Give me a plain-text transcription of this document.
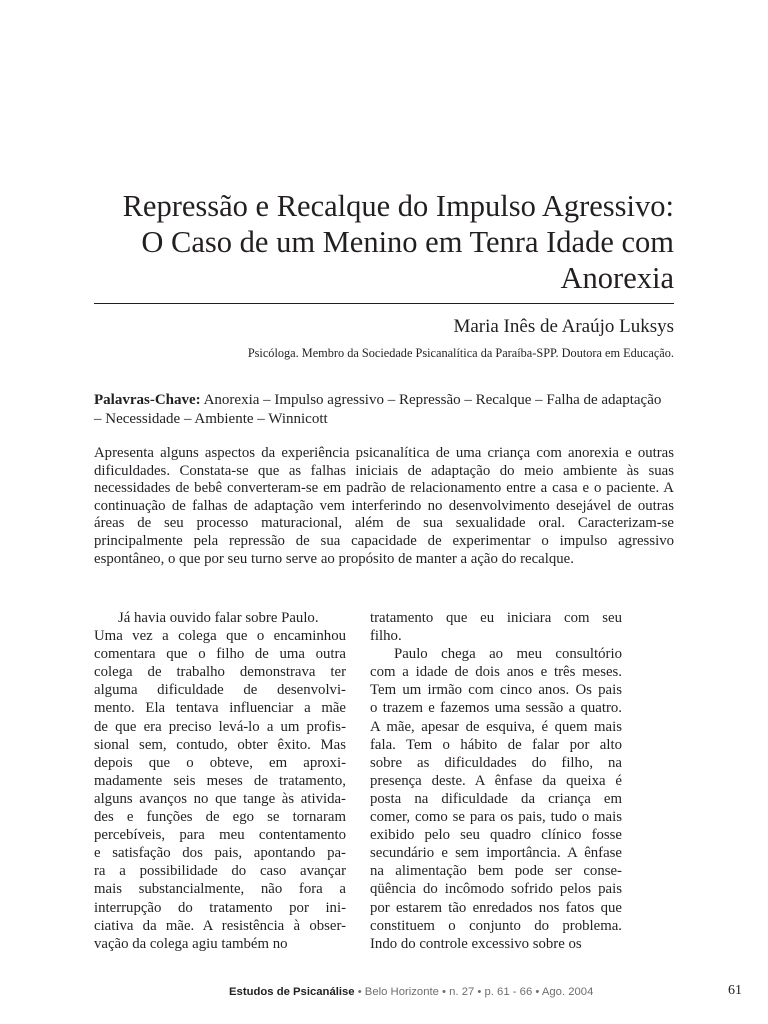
Repressão e Recalque do Impulso Agressivo:
O Caso de um Menino em Tenra Idade com
Anorexia
Maria Inês de Araújo Luksys
Psicóloga. Membro da Sociedade Psicanalítica da Paraíba-SPP. Doutora em Educação.

Palavras-Chave: Anorexia – Impulso agressivo – Repressão – Recalque – Falha de adaptação
– Necessidade – Ambiente – Winnicott

Apresenta alguns aspectos da experiência psicanalítica de uma criança com anorexia e outras dificuldades. Constata-se que as falhas iniciais de adaptação do meio ambiente às suas necessidades de bebê converteram-se em padrão de relacionamento entre a casa e o paciente. A continuação de falhas de adaptação vem interferindo no desenvolvimento desejável de outras áreas de seu processo maturacional, além de sua sexualidade oral. Caracterizam-se principalmente pela repressão de sua capacidade de experimentar o impulso agressivo espontâneo, o que por seu turno serve ao propósito de manter a ação do recalque.

Já havia ouvido falar sobre Paulo.
Uma vez a colega que o encaminhou
comentara que o filho de uma outra
colega de trabalho demonstrava ter
alguma dificuldade de desenvolvi-
mento. Ela tentava influenciar a mãe
de que era preciso levá-lo a um profis-
sional sem, contudo, obter êxito. Mas
depois que o obteve, em aproxi-
madamente seis meses de tratamento,
alguns avanços no que tange às ativida-
des e funções de ego se tornaram
percebíveis, para meu contentamento
e satisfação dos pais, apontando pa-
ra a possibilidade do caso avançar
mais substancialmente, não fora a
interrupção do tratamento por ini-
ciativa da mãe. A resistência à obser-
vação da colega agiu também no
tratamento que eu iniciara com seu
filho.
Paulo chega ao meu consultório
com a idade de dois anos e três meses.
Tem um irmão com cinco anos. Os pais
o trazem e fazemos uma sessão a quatro.
A mãe, apesar de esquiva, é quem mais
fala. Tem o hábito de falar por alto
sobre as dificuldades do filho, na
presença deste. A ênfase da queixa é
posta na dificuldade da criança em
comer, como se para os pais, tudo o mais
exibido pelo seu quadro clínico fosse
secundário e sem importância. A ênfase
na alimentação bem pode ser conse-
qüência do incômodo sofrido pelos pais
por estarem tão enredados nos fatos que
constituem o conjunto do problema.
Indo do controle excessivo sobre os
Estudos de Psicanálise • Belo Horizonte • n. 27 • p. 61 - 66 • Ago. 2004	61
